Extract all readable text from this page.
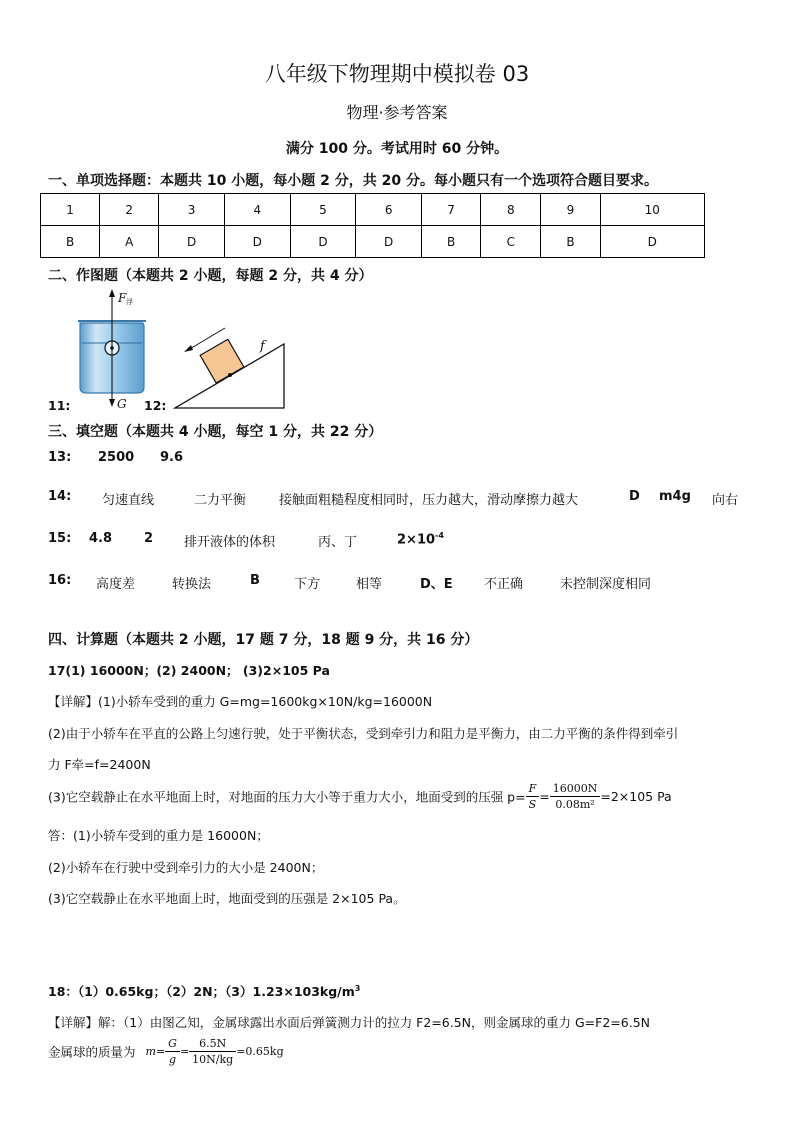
八年级下物理期中模拟卷 03
物理·参考答案
满分 100 分。考试用时 60 分钟。
一、单项选择题：本题共 10 小题，每小题 2 分，共 20 分。每小题只有一个选项符合题目要求。
1	2	3	4	5	6	7	8	9	10
B	A	D	D	D	D	B	C	B	D
二、作图题（本题共 2 小题，每题 2 分，共 4 分）
F 浮
G
11:	12:
f
三、填空题（本题共 4 小题，每空 1 分，共 22 分）
13: 2500 9.6
14: 匀速直线	二力平衡	接触面粗糙程度相同时，压力越大，滑动摩擦力越大	D m4g 向右
15: 4.8 2 排开液体的体积	丙、丁	$2\times 10^{-4}$
16: 高度差	转换法	B	下方	相等	D、E 不正确	未控制深度相同
四、计算题（本题共 2 小题，17 题 7 分，18 题 9 分，共 16 分）
17(1) 16000N；(2) 2400N； (3)2×105 Pa
【详解】(1)小轿车受到的重力 G=mg=1600kg×10N/kg=16000N
(2)由于小轿车在平直的公路上匀速行驶，处于平衡状态，受到牵引力和阻力是平衡力，由二力平衡的条件得到牵引
力 F牵=f=2400N
(3)它空载静止在水平地面上时，对地面的压力大小等于重力大小，地面受到的压强 $p= \frac{F}{S} = \frac{16000N}{\text{0.08m²}} =2\times 105$ Pa
答：(1)小轿车受到的重力是 16000N；
(2)小轿车在行驶中受到牵引力的大小是 2400N；
(3)它空载静止在水平地面上时，地面受到的压强是 2×105 Pa。
18：（1）0.65kg；（2）2N；$(3)1.23\times 103kg/m^3$
【详解】解：（1）由图乙知，金属球露出水面后弹簧测力计的拉力 F2=6.5N，则金属球的重力 G=F2=6.5N
金属球的质量为 $m= \frac{G}{g} = \frac{6.5N}{10N/kg} =0.65kg$
